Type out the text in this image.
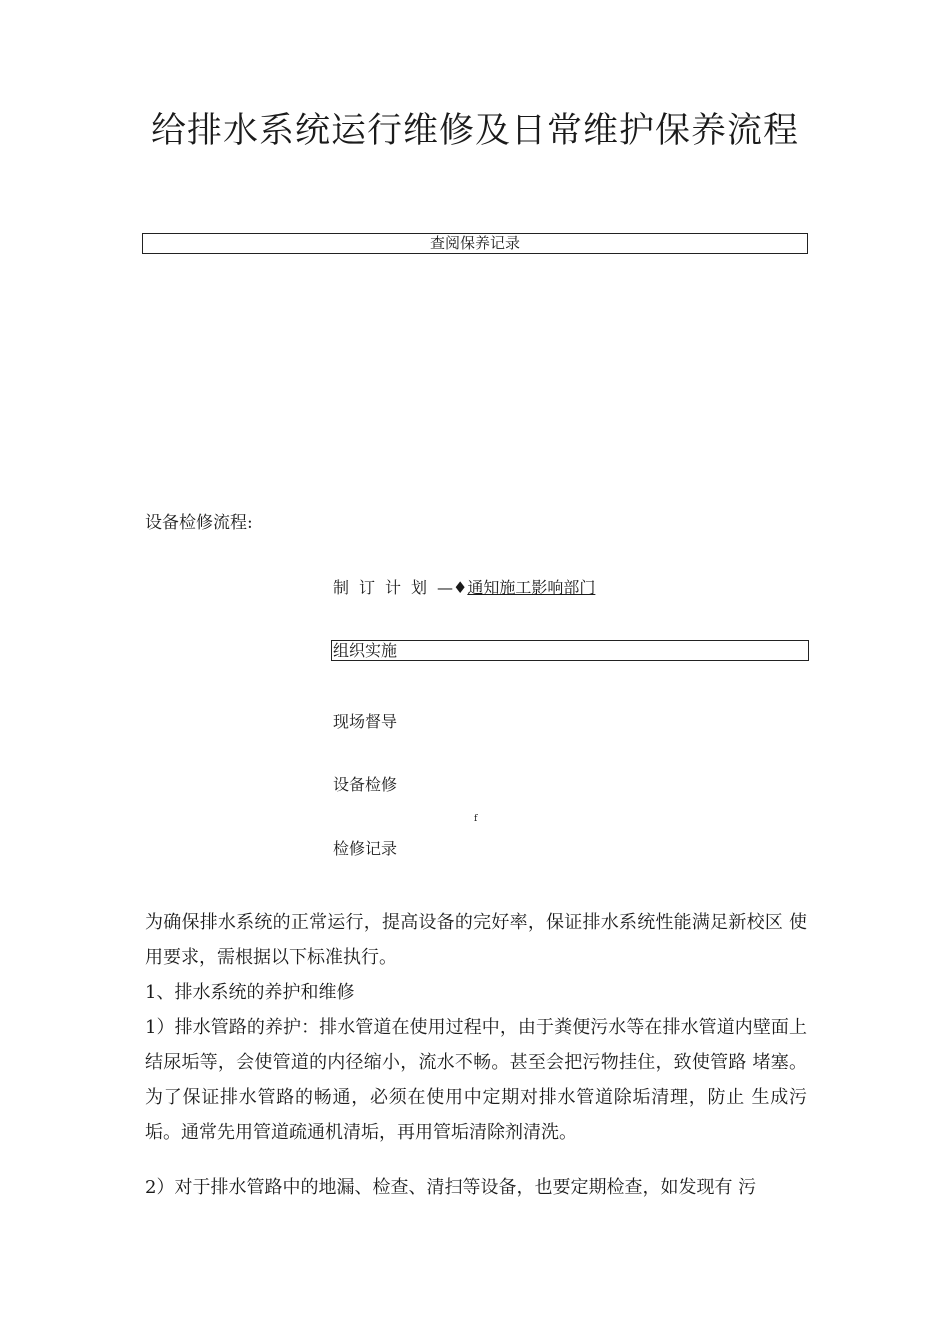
给排水系统运行维修及日常维护保养流程
查阅保养记录
设备检修流程:
制订计划—♦通知施工影响部门
组织实施
现场督导
设备检修
f
检修记录
为确保排水系统的正常运行，提高设备的完好率，保证排水系统性能满足新校区 使用要求，需根据以下标准执行。
1、排水系统的养护和维修
1）排水管路的养护：排水管道在使用过程中，由于粪便污水等在排水管道内壁面上结尿垢等，会使管道的内径缩小，流水不畅。甚至会把污物挂住，致使管路 堵塞。为了保证排水管路的畅通，必须在使用中定期对排水管道除垢清理，防止 生成污垢。通常先用管道疏通机清垢，再用管垢清除剂清洗。
2）对于排水管路中的地漏、检查、清扫等设备，也要定期检查，如发现有 污
